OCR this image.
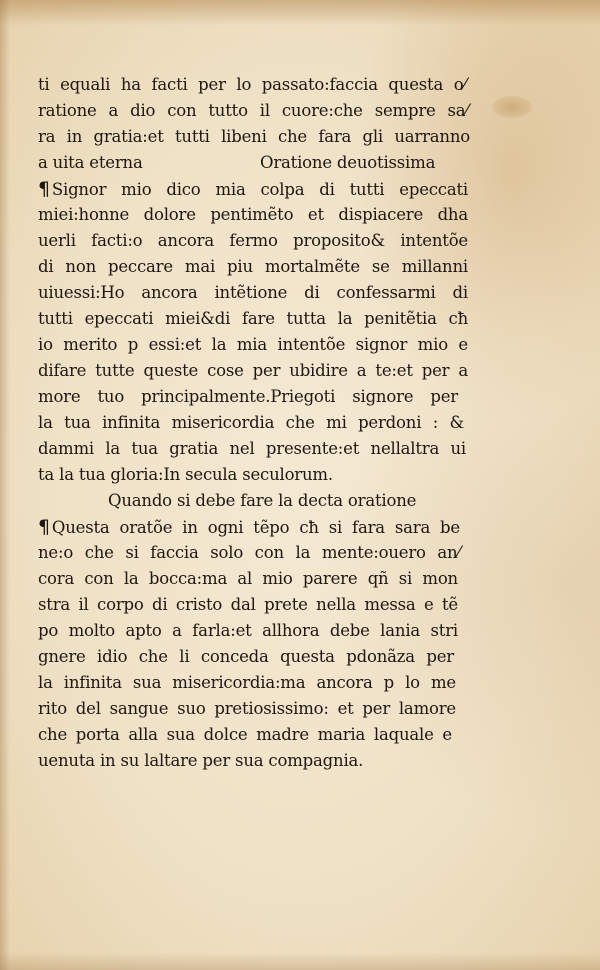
ti equali ha facti per lo passato:faccia questa o⁄
ratione a dio con tutto il cuore:che sempre sa⁄
ra in gratia:et tutti libeni che fara gli uarranno
a uita eterna	Oratione deuotissima
¶ Signor mio dico mia colpa di tutti epeccati
miei:honne dolore pentimẽto et dispiacere dha
uerli facti:o ancora fermo proposito& intentõe
di non peccare mai piu mortalmẽte se millanni
uiuessi:Ho ancora intẽtione di confessarmi di
tutti epeccati miei&di fare tutta la penitẽtia cħ
io merito p essi:et la mia intentõe signor mio e
difare tutte queste cose per ubidire a te:et per a
more tuo principalmente.Priegoti signore per
la tua infinita misericordia che mi perdoni : &
dammi la tua gratia nel presente:et nellaltra ui
ta la tua gloria:In secula seculorum.
Quando si debe fare la decta oratione
¶ Questa oratõe in ogni tẽpo cħ si fara sara be
ne:o che si faccia solo con la mente:ouero an⁄
cora con la bocca:ma al mio parere qñ si mon
stra il corpo di cristo dal prete nella messa e tẽ
po molto apto a farla:et allhora debe lania stri
gnere idio che li conceda questa pdonãza per
la infinita sua misericordia:ma ancora p lo me
rito del sangue suo pretiosissimo: et per lamore
che porta alla sua dolce madre maria laquale e
uenuta in su laltare per sua compagnia.
